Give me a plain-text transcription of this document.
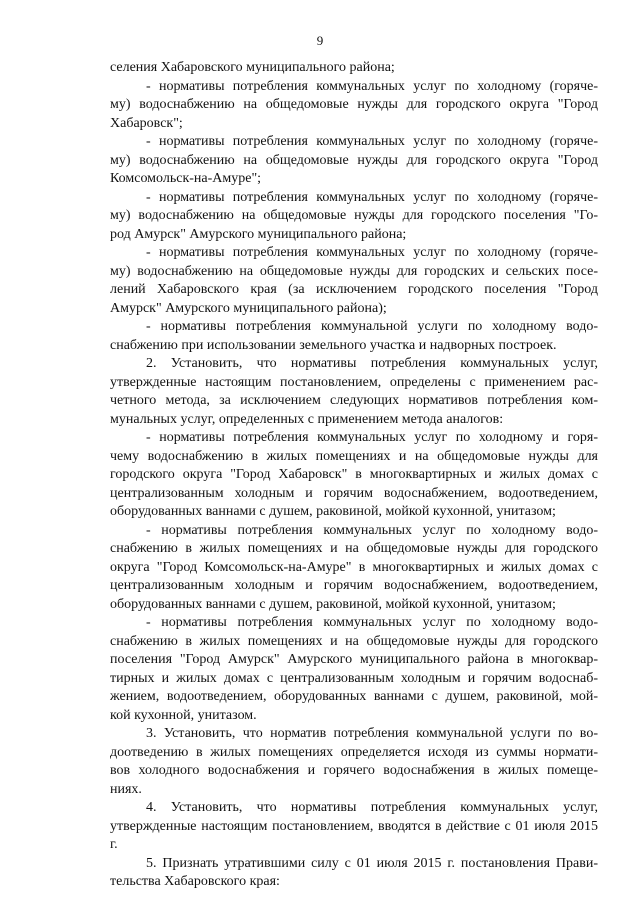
9
селения Хабаровского муниципального района;
- нормативы потребления коммунальных услуг по холодному (горяче-
му) водоснабжению на общедомовые нужды для городского округа "Город
Хабаровск";
- нормативы потребления коммунальных услуг по холодному (горяче-
му) водоснабжению на общедомовые нужды для городского округа "Город
Комсомольск-на-Амуре";
- нормативы потребления коммунальных услуг по холодному (горяче-
му) водоснабжению на общедомовые нужды для городского поселения "Го-
род Амурск" Амурского муниципального района;
- нормативы потребления коммунальных услуг по холодному (горяче-
му) водоснабжению на общедомовые нужды для городских и сельских посе-
лений Хабаровского края (за исключением городского поселения "Город
Амурск" Амурского муниципального района);
- нормативы потребления коммунальной услуги по холодному водо-
снабжению при использовании земельного участка и надворных построек.
2. Установить, что нормативы потребления коммунальных услуг,
утвержденные настоящим постановлением, определены с применением рас-
четного метода, за исключением следующих нормативов потребления ком-
мунальных услуг, определенных с применением метода аналогов:
- нормативы потребления коммунальных услуг по холодному и горя-
чему водоснабжению в жилых помещениях и на общедомовые нужды для
городского округа "Город Хабаровск" в многоквартирных и жилых домах с
централизованным холодным и горячим водоснабжением, водоотведением,
оборудованных ваннами с душем, раковиной, мойкой кухонной, унитазом;
- нормативы потребления коммунальных услуг по холодному водо-
снабжению в жилых помещениях и на общедомовые нужды для городского
округа "Город Комсомольск-на-Амуре" в многоквартирных и жилых домах с
централизованным холодным и горячим водоснабжением, водоотведением,
оборудованных ваннами с душем, раковиной, мойкой кухонной, унитазом;
- нормативы потребления коммунальных услуг по холодному водо-
снабжению в жилых помещениях и на общедомовые нужды для городского
поселения "Город Амурск" Амурского муниципального района в многоквар-
тирных и жилых домах с централизованным холодным и горячим водоснаб-
жением, водоотведением, оборудованных ваннами с душем, раковиной, мой-
кой кухонной, унитазом.
3. Установить, что норматив потребления коммунальной услуги по во-
доотведению в жилых помещениях определяется исходя из суммы нормати-
вов холодного водоснабжения и горячего водоснабжения в жилых помеще-
ниях.
4. Установить, что нормативы потребления коммунальных услуг,
утвержденные настоящим постановлением, вводятся в действие с 01 июля 2015
г.
5. Признать утратившими силу с 01 июля 2015 г. постановления Прави-
тельства Хабаровского края:
